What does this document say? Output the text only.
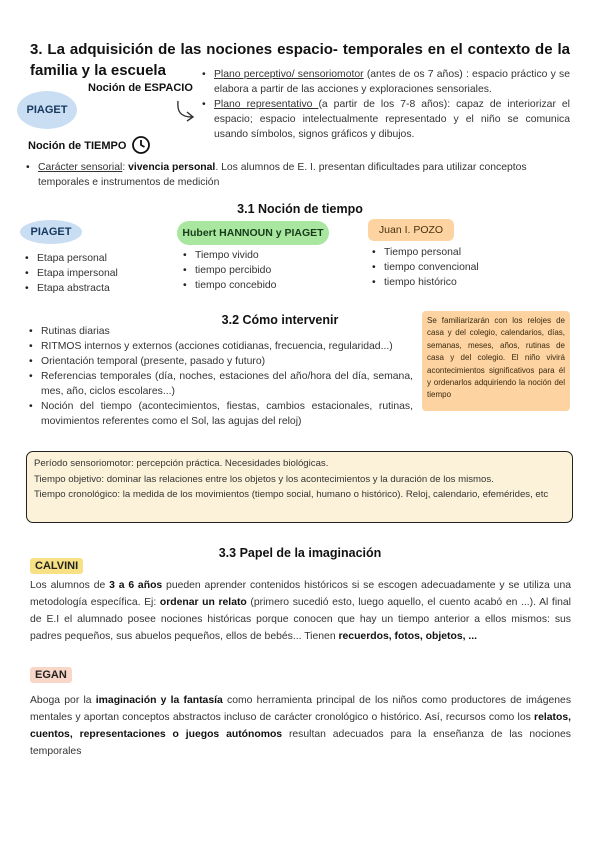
3. La adquisición de las nociones espacio- temporales en el contexto de la familia y la escuela
Noción de ESPACIO
PIAGET
• Plano perceptivo/ sensoriomotor (antes de os 7 años) : espacio práctico y se elabora a partir de las acciones y exploraciones sensoriales.
• Plano representativo (a partir de los 7-8 años): capaz de interiorizar el espacio; espacio intelectualmente representado y el niño se comunica usando símbolos, signos gráficos y dibujos.
Noción de TIEMPO
• Carácter sensorial: vivencia personal. Los alumnos de E. I. presentan dificultades para utilizar conceptos temporales e instrumentos de medición
3.1 Noción de tiempo
PIAGET	Hubert HANNOUN y PIAGET	Juan I. POZO
• Etapa personal
• Etapa impersonal
• Etapa abstracta
• Tiempo vivido
• tiempo percibido
• tiempo concebido
• Tiempo personal
• tiempo convencional
• tiempo histórico
3.2 Cómo intervenir
• Rutinas diarias
• RITMOS internos y externos (acciones cotidianas, frecuencia, regularidad...)
• Orientación temporal (presente, pasado y futuro)
• Referencias temporales (día, noches, estaciones del año/hora del día, semana, mes, año, ciclos escolares...)
• Noción del tiempo (acontecimientos, fiestas, cambios estacionales, rutinas, movimientos referentes como el Sol, las agujas del reloj)
Se familiarizarán con los relojes de casa y del colegio, calendarios, días, semanas, meses, años, rutinas de casa y del colegio. El niño vivirá acontecimientos significativos para él y ordenarlos adquiriendo la noción del tiempo
Período sensoriomotor: percepción práctica. Necesidades biológicas.
Tiempo objetivo: dominar las relaciones entre los objetos y los acontecimientos y la duración de los mismos.
Tiempo cronológico: la medida de los movimientos (tiempo social, humano o histórico). Reloj, calendario, efemérides, etc
3.3 Papel de la imaginación
CALVINI
Los alumnos de 3 a 6 años pueden aprender contenidos históricos si se escogen adecuadamente y se utiliza una metodología específica. Ej: ordenar un relato (primero sucedió esto, luego aquello, el cuento acabó en ...). Al final de E.I el alumnado posee nociones históricas porque conocen que hay un tiempo anterior a ellos mismos: sus padres pequeños, sus abuelos pequeños, ellos de bebés... Tienen recuerdos, fotos, objetos, ...
EGAN
Aboga por la imaginación y la fantasía como herramienta principal de los niños como productores de imágenes mentales y aportan conceptos abstractos incluso de carácter cronológico o histórico. Así, recursos como los relatos, cuentos, representaciones o juegos autónomos resultan adecuados para la enseñanza de las nociones temporales
